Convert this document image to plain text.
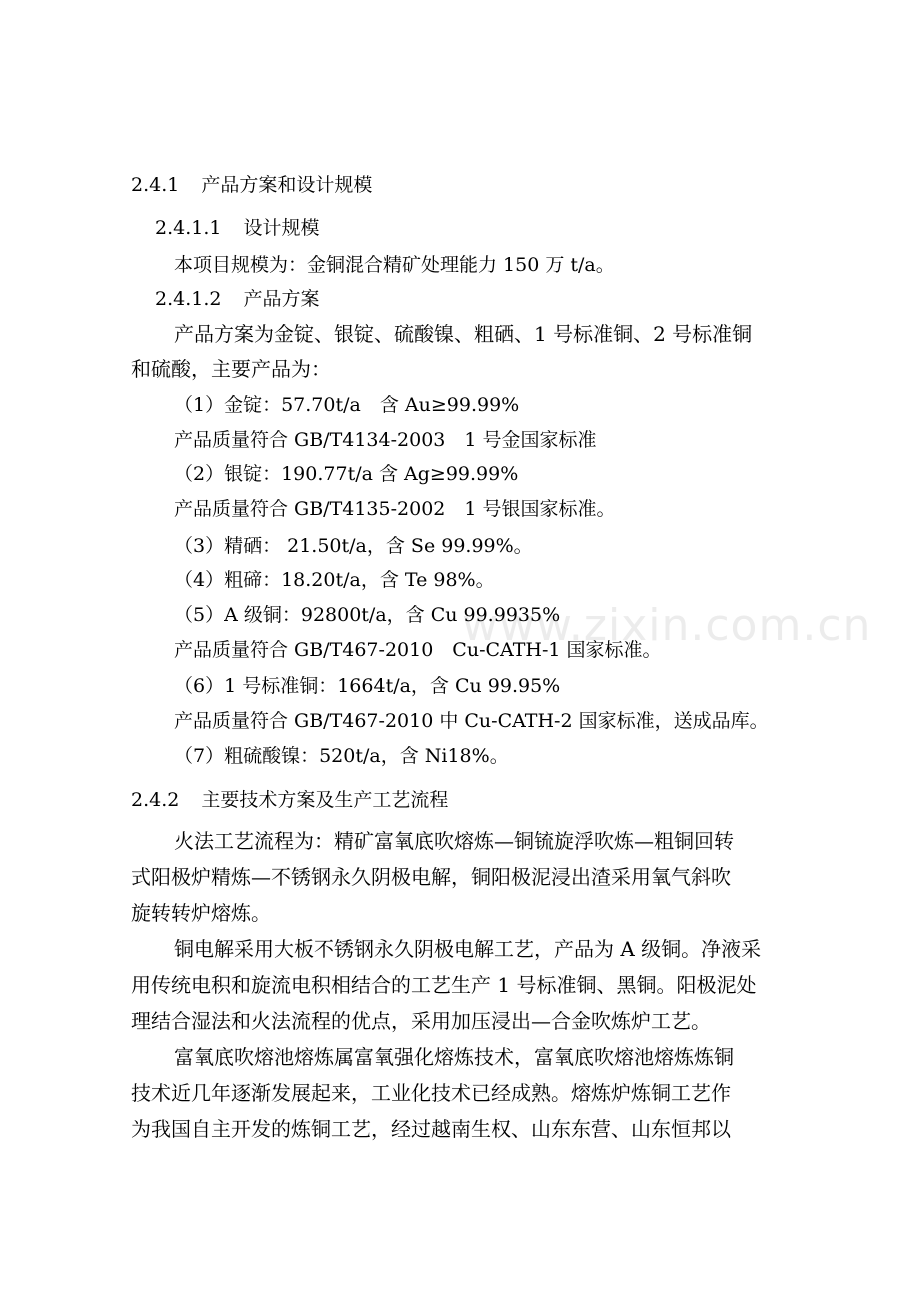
www.zixin.com.cn
2.4.1 产品方案和设计规模
2.4.1.1 设计规模
本项目规模为：金铜混合精矿处理能力 150 万 t/a。
2.4.1.2 产品方案
产品方案为金锭、银锭、硫酸镍、粗硒、1 号标准铜、2 号标准铜
和硫酸，主要产品为：
（1）金锭：57.70t/a　含 Au≥99.99%
产品质量符合 GB/T4134-2003　1 号金国家标准
（2）银锭：190.77t/a 含 Ag≥99.99%
产品质量符合 GB/T4135-2002　1 号银国家标准。
（3）精硒： 21.50t/a，含 Se 99.99%。
（4）粗碲：18.20t/a，含 Te 98%。
（5）A 级铜：92800t/a，含 Cu 99.9935%
产品质量符合 GB/T467-2010　Cu-CATH-1 国家标准。
（6）1 号标准铜：1664t/a，含 Cu 99.95%
产品质量符合 GB/T467-2010 中 Cu-CATH-2 国家标准，送成品库。
（7）粗硫酸镍：520t/a，含 Ni18%。
2.4.2 主要技术方案及生产工艺流程
火法工艺流程为：精矿富氧底吹熔炼—铜锍旋浮吹炼—粗铜回转
式阳极炉精炼—不锈钢永久阴极电解，铜阳极泥浸出渣采用氧气斜吹
旋转转炉熔炼。
铜电解采用大板不锈钢永久阴极电解工艺，产品为 A 级铜。净液采
用传统电积和旋流电积相结合的工艺生产 1 号标准铜、黑铜。阳极泥处
理结合湿法和火法流程的优点，采用加压浸出—合金吹炼炉工艺。
富氧底吹熔池熔炼属富氧强化熔炼技术，富氧底吹熔池熔炼炼铜
技术近几年逐渐发展起来，工业化技术已经成熟。熔炼炉炼铜工艺作
为我国自主开发的炼铜工艺，经过越南生权、山东东营、山东恒邦以
